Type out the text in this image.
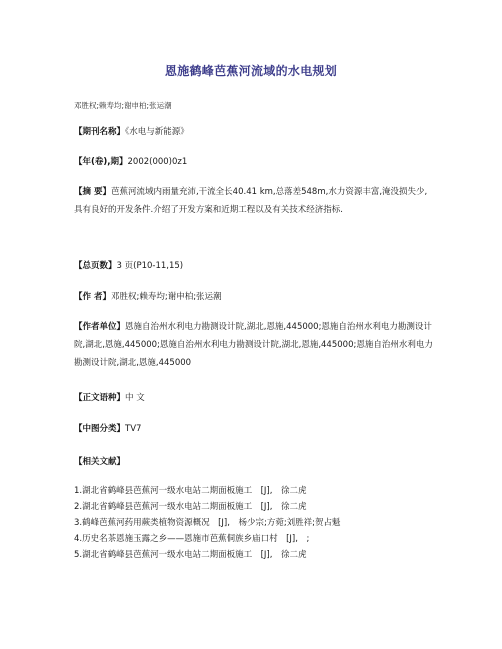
恩施鹤峰芭蕉河流域的水电规划
邓胜权;赖寿均;谢申柏;张运潮
【期刊名称】《水电与新能源》
【年(卷),期】2002(000)0z1
【摘 要】芭蕉河流域内雨量充沛,干流全长40.41 km,总落差548m,水力资源丰富,淹没损失少,具有良好的开发条件.介绍了开发方案和近期工程以及有关技术经济指标.
【总页数】3 页(P10-11,15)
【作 者】邓胜权;赖寿均;谢申柏;张运潮
【作者单位】恩施自治州水利电力勘测设计院,湖北,恩施,445000;恩施自治州水利电力勘测设计院,湖北,恩施,445000;恩施自治州水利电力勘测设计院,湖北,恩施,445000;恩施自治州水利电力勘测设计院,湖北,恩施,445000
【正文语种】中 文
【中图分类】TV7
【相关文献】
1.湖北省鹤峰县芭蕉河一级水电站二期面板施工　[J],　徐二虎
2.湖北省鹤峰县芭蕉河一级水电站二期面板施工　[J],　徐二虎
3.鹤峰芭蕉河药用蕨类植物资源概况　[J],　杨少宗;方菀;刘胜祥;贺占魁
4.历史名茶恩施玉露之乡——恩施市芭蕉侗族乡庙口村　[J],　;
5.湖北省鹤峰县芭蕉河一级水电站二期面板施工　[J],　徐二虎
